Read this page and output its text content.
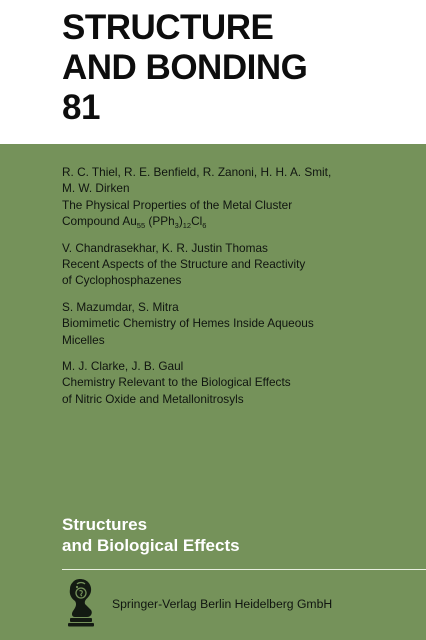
STRUCTURE
AND BONDING
81
R. C. Thiel, R. E. Benfield, R. Zanoni, H. H. A. Smit,
M. W. Dirken
The Physical Properties of the Metal Cluster
Compound $Au_{55}$ $(PPh_3)_{12}Cl_6$
V. Chandrasekhar, K. R. Justin Thomas
Recent Aspects of the Structure and Reactivity
of Cyclophosphazenes
S. Mazumdar, S. Mitra
Biomimetic Chemistry of Hemes Inside Aqueous
Micelles
M. J. Clarke, J. B. Gaul
Chemistry Relevant to the Biological Effects
of Nitric Oxide and Metallonitrosyls
Structures
and Biological Effects
Springer-Verlag Berlin Heidelberg GmbH
